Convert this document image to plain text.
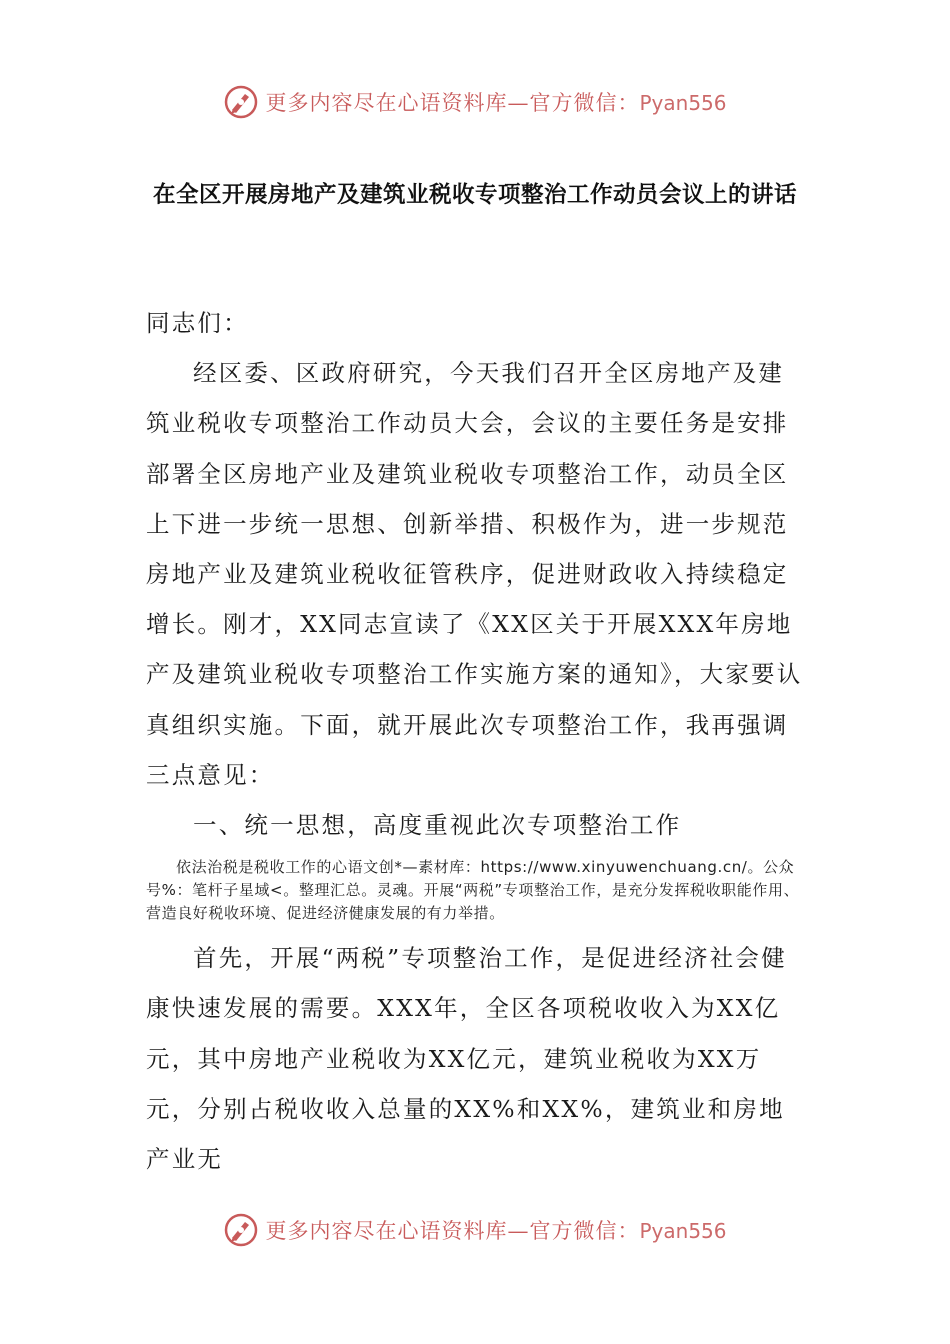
更多内容尽在心语资料库—官方微信：Pyan556
在全区开展房地产及建筑业税收专项整治工作动员会议上的讲话

同志们：

经区委、区政府研究，今天我们召开全区房地产及建筑业税收专项整治工作动员大会，会议的主要任务是安排部署全区房地产业及建筑业税收专项整治工作，动员全区上下进一步统一思想、创新举措、积极作为，进一步规范房地产业及建筑业税收征管秩序，促进财政收入持续稳定增长。刚才，XX同志宣读了《XX区关于开展XXX年房地产及建筑业税收专项整治工作实施方案的通知》，大家要认真组织实施。下面，就开展此次专项整治工作，我再强调三点意见：

一、统一思想，高度重视此次专项整治工作

依法治税是税收工作的心语文创*—素材库：https://www.xinyuwenchuang.cn/。公众号%：笔杆子星域<。整理汇总。灵魂。开展“两税”专项整治工作，是充分发挥税收职能作用、营造良好税收环境、促进经济健康发展的有力举措。

首先，开展“两税”专项整治工作，是促进经济社会健康快速发展的需要。XXX年，全区各项税收收入为XX亿元，其中房地产业税收为XX亿元，建筑业税收为XX万元，分别占税收收入总量的XX%和XX%，建筑业和房地产业无

更多内容尽在心语资料库—官方微信：Pyan556
